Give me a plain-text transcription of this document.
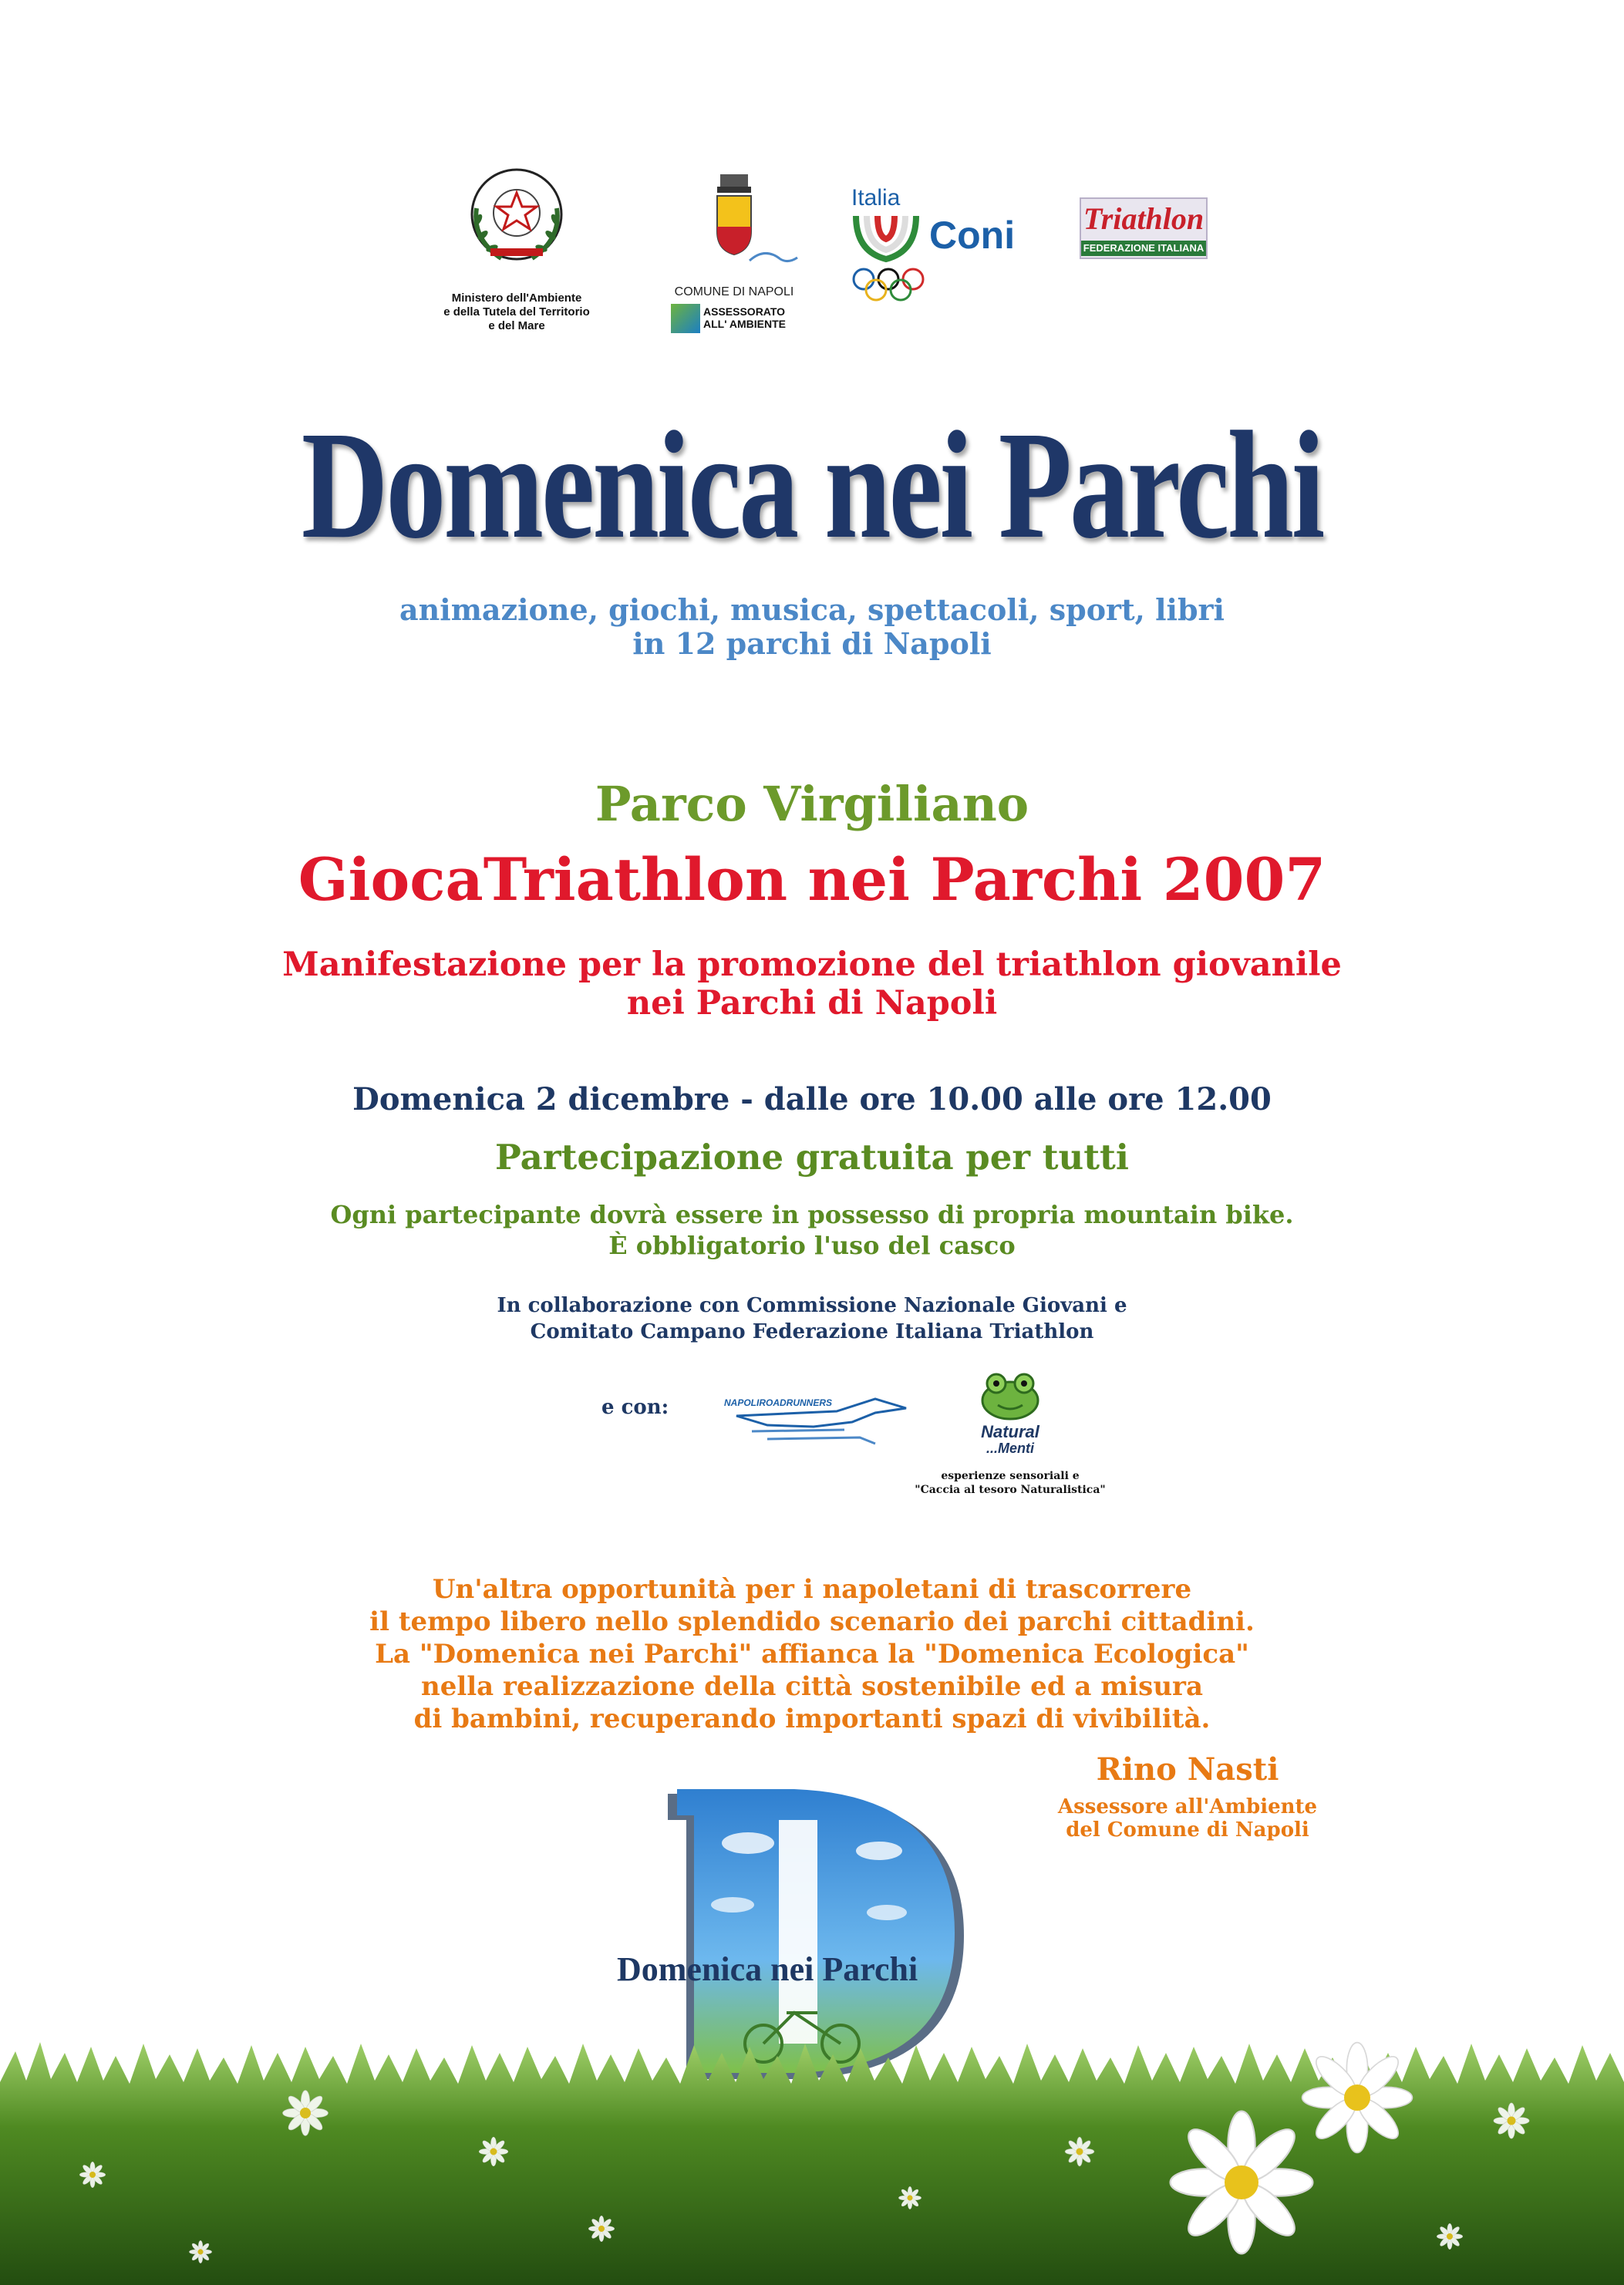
Ministero dell'Ambiente
e della Tutela del Territorio
e del Mare
COMUNE DI NAPOLI
ASSESSORATO
ALL' AMBIENTE
Italia
Coni Triathlon
FEDERAZIONE ITALIANA
Domenica nei Parchi
animazione, giochi, musica, spettacoli, sport, libri
in 12 parchi di Napoli
Parco Virgiliano
GiocaTriathlon nei Parchi 2007
Manifestazione per la promozione del triathlon giovanile
nei Parchi di Napoli
Domenica 2 dicembre - dalle ore 10.00 alle ore 12.00
Partecipazione gratuita per tutti
Ogni partecipante dovrà essere in possesso di propria mountain bike.
È obbligatorio l'uso del casco
In collaborazione con Commissione Nazionale Giovani e
Comitato Campano Federazione Italiana Triathlon
e con:	NAPOLIROADRUNNERS
Natural
...Menti
esperienze sensoriali e
"Caccia al tesoro Naturalistica"
Un'altra opportunità per i napoletani di trascorrere
il tempo libero nello splendido scenario dei parchi cittadini.
La "Domenica nei Parchi" affianca la "Domenica Ecologica"
nella realizzazione della città sostenibile ed a misura
di bambini, recuperando importanti spazi di vivibilità.
Rino Nasti
Assessore all'Ambiente
del Comune di Napoli
Domenica nei Parchi
